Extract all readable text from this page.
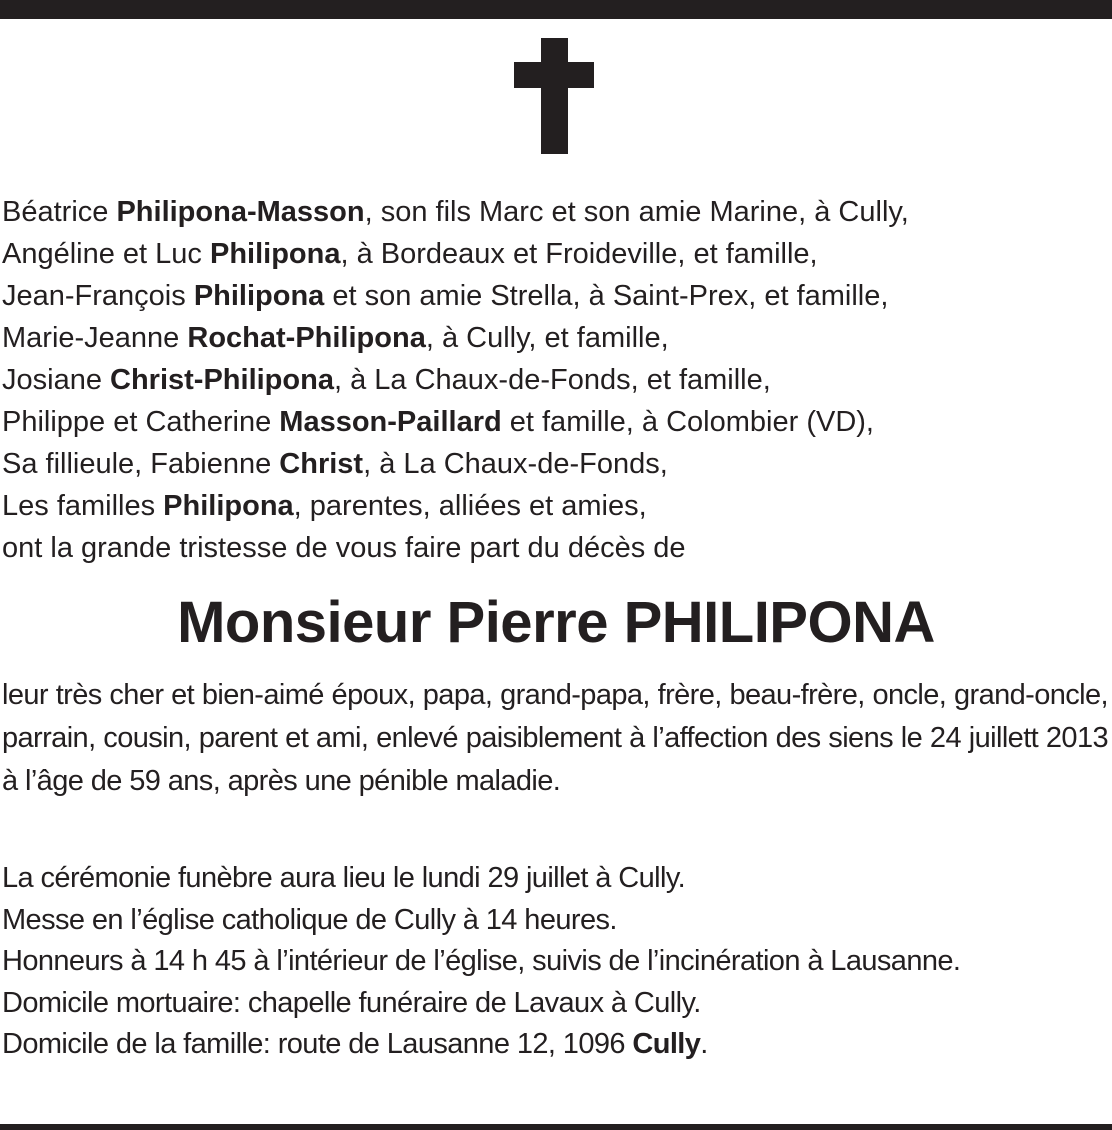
Béatrice Philipona-Masson, son fils Marc et son amie Marine, à Cully,
Angéline et Luc Philipona, à Bordeaux et Froideville, et famille,
Jean-François Philipona et son amie Strella, à Saint-Prex, et famille,
Marie-Jeanne Rochat-Philipona, à Cully, et famille,
Josiane Christ-Philipona, à La Chaux-de-Fonds, et famille,
Philippe et Catherine Masson-Paillard et famille, à Colombier (VD),
Sa fillieule, Fabienne Christ, à La Chaux-de-Fonds,
Les familles Philipona, parentes, alliées et amies,
ont la grande tristesse de vous faire part du décès de
Monsieur Pierre PHILIPONA

leur très cher et bien-aimé époux, papa, grand-papa, frère, beau-frère, oncle, grand-oncle, parrain, cousin, parent et ami, enlevé paisiblement à l’affection des siens le 24 juillett 2013 à l’âge de 59 ans, après une pénible maladie.

La cérémonie funèbre aura lieu le lundi 29 juillet à Cully.
Messe en l’église catholique de Cully à 14 heures.
Honneurs à 14 h 45 à l’intérieur de l’église, suivis de l’incinération à Lausanne.
Domicile mortuaire: chapelle funéraire de Lavaux à Cully.
Domicile de la famille: route de Lausanne 12, 1096 Cully.
